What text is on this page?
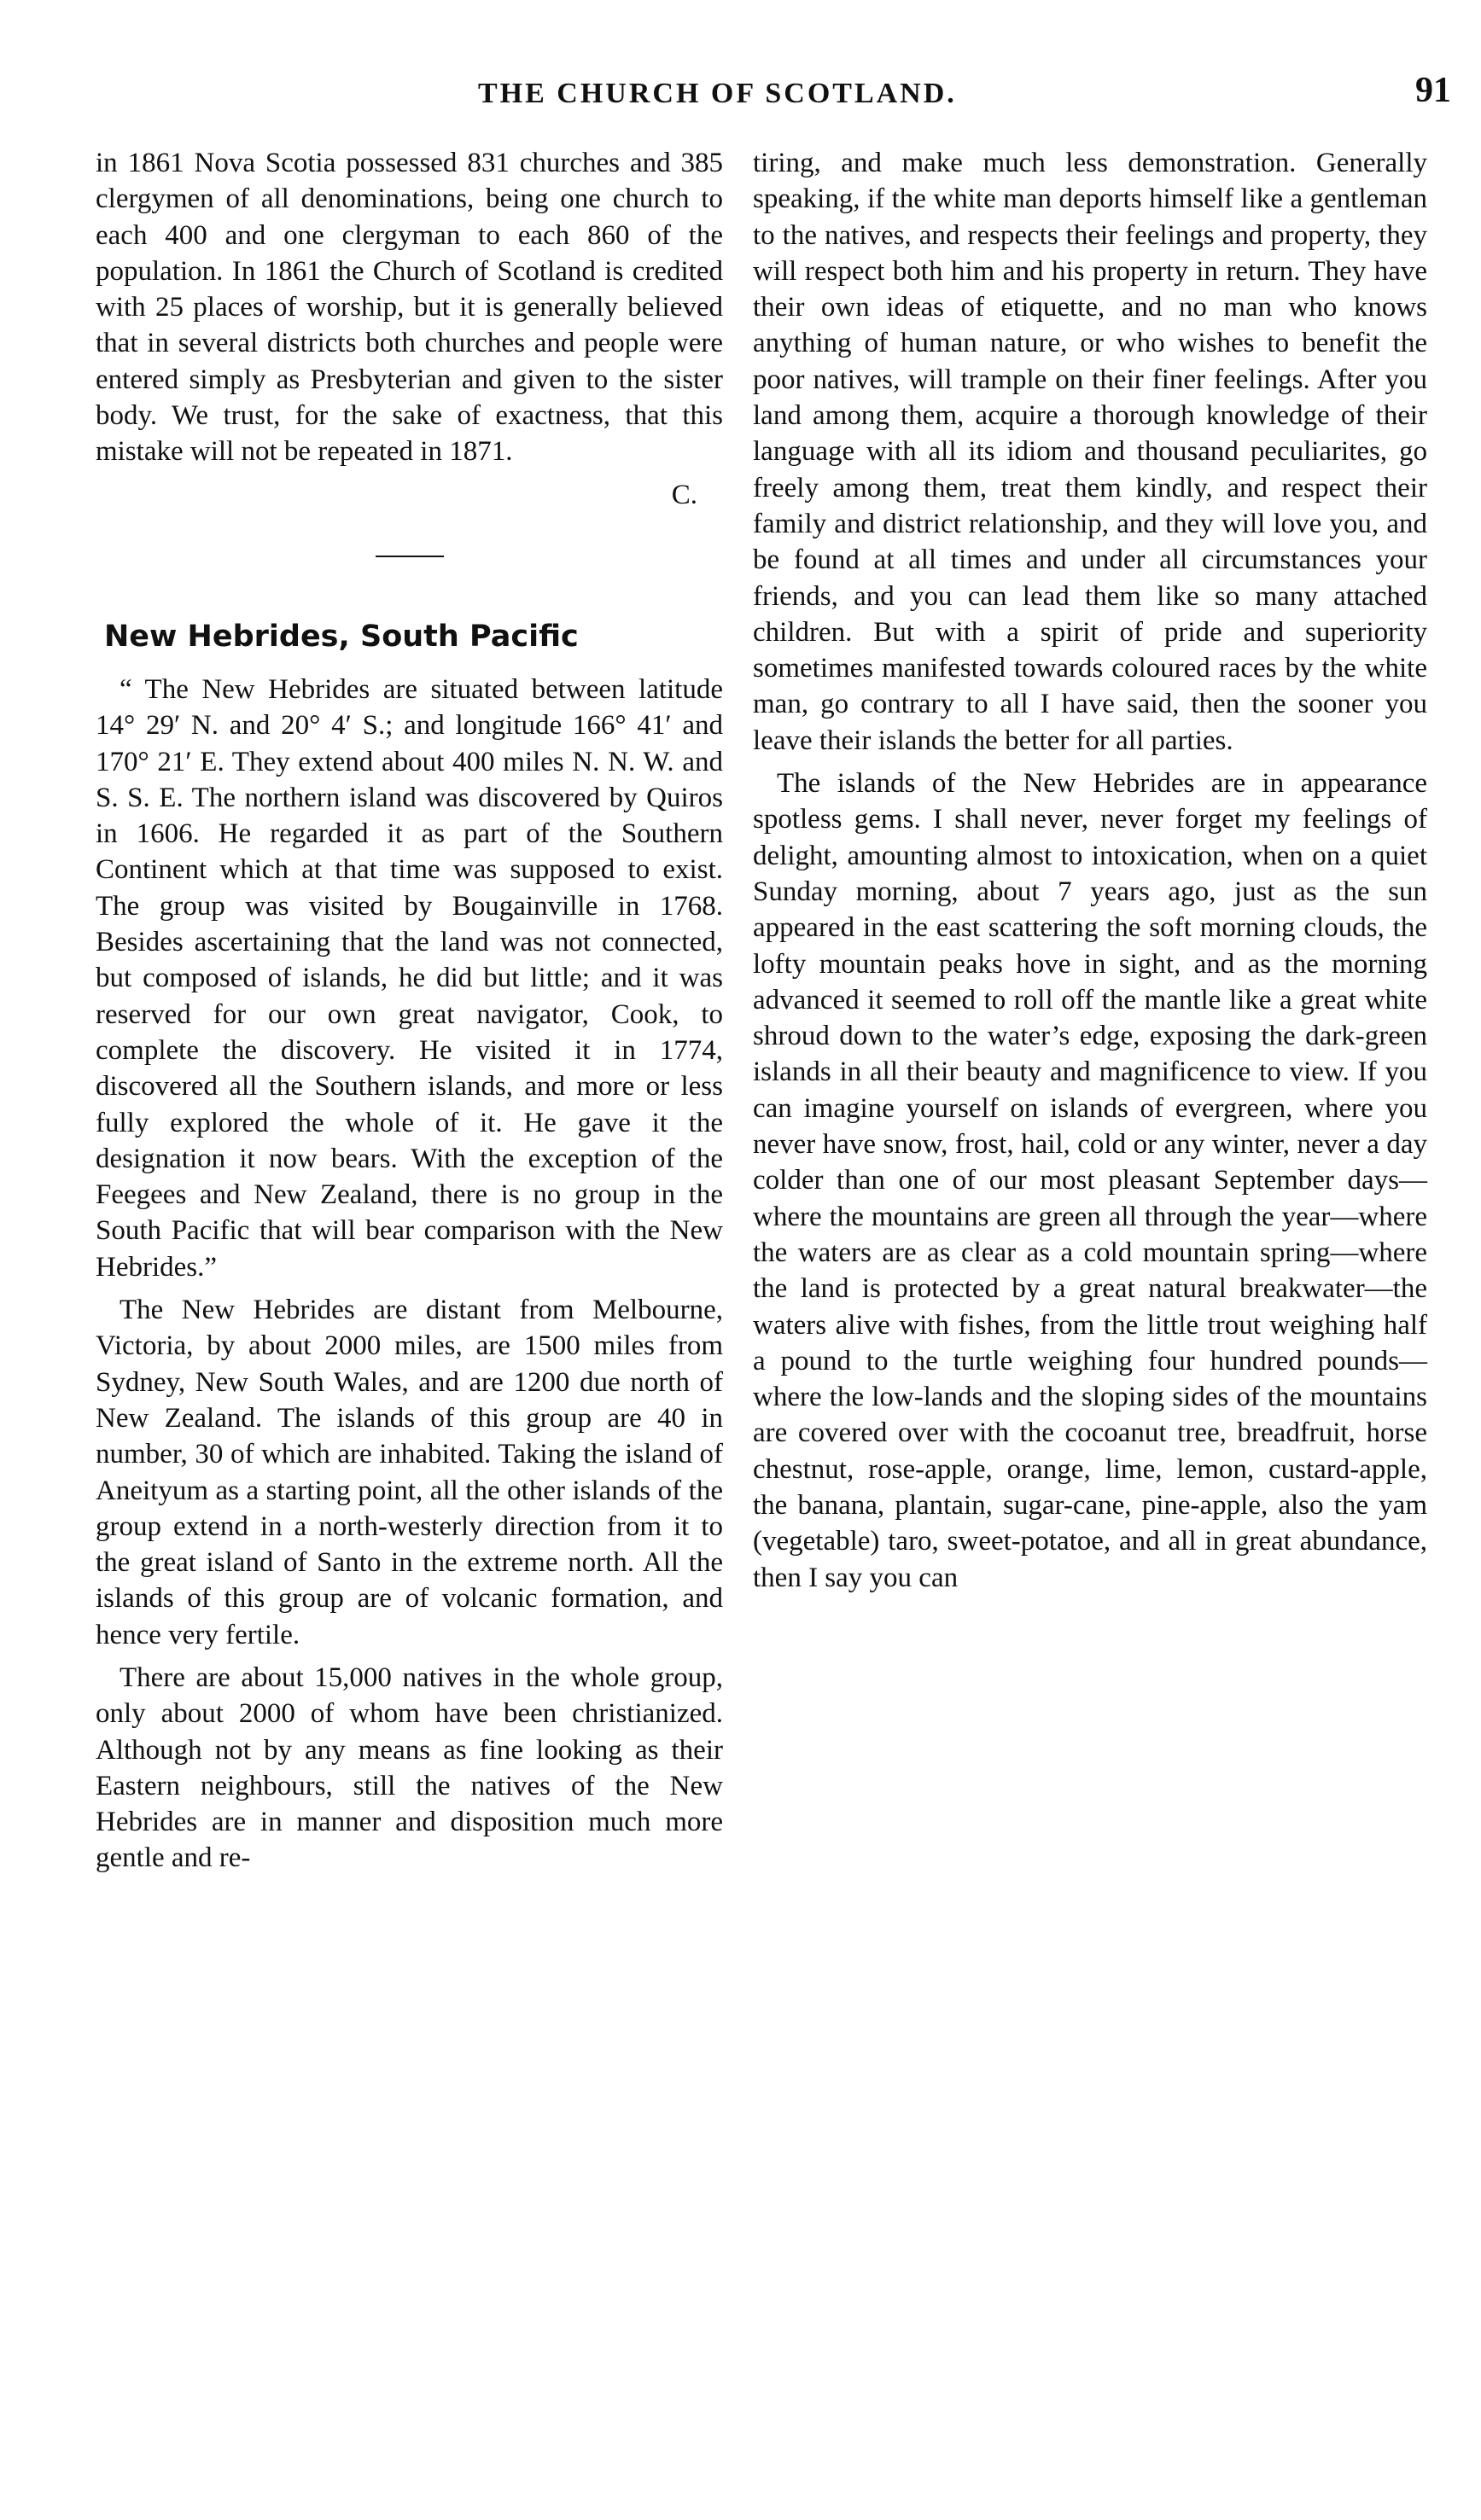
THE CHURCH OF SCOTLAND.	91

in 1861 Nova Scotia possessed 831 churches and 385 clergymen of all denominations, being one church to each 400 and one clergyman to each 860 of the population. In 1861 the Church of Scotland is credited with 25 places of worship, but it is generally believed that in several districts both churches and people were entered simply as Presbyterian and given to the sister body. We trust, for the sake of exactness, that this mistake will not be repeated in 1871.

C.

New Hebrides, South Pacific

“ The New Hebrides are situated between latitude 14° 29′ N. and 20° 4′ S.; and longitude 166° 41′ and 170° 21′ E. They extend about 400 miles N. N. W. and S. S. E. The northern island was discovered by Quiros in 1606. He regarded it as part of the Southern Continent which at that time was supposed to exist. The group was visited by Bougainville in 1768. Besides ascertaining that the land was not connected, but composed of islands, he did but little; and it was reserved for our own great navigator, Cook, to complete the discovery. He visited it in 1774, discovered all the Southern islands, and more or less fully explored the whole of it. He gave it the designation it now bears. With the exception of the Feegees and New Zealand, there is no group in the South Pacific that will bear comparison with the New Hebrides.”

The New Hebrides are distant from Melbourne, Victoria, by about 2000 miles, are 1500 miles from Sydney, New South Wales, and are 1200 due north of New Zealand. The islands of this group are 40 in number, 30 of which are inhabited. Taking the island of Aneityum as a starting point, all the other islands of the group extend in a north-westerly direction from it to the great island of Santo in the extreme north. All the islands of this group are of volcanic formation, and hence very fertile.

There are about 15,000 natives in the whole group, only about 2000 of whom have been christianized. Although not by any means as fine looking as their Eastern neighbours, still the natives of the New Hebrides are in manner and disposition much more gentle and re-

tiring, and make much less demonstration. Generally speaking, if the white man deports himself like a gentleman to the natives, and respects their feelings and property, they will respect both him and his property in return. They have their own ideas of etiquette, and no man who knows anything of human nature, or who wishes to benefit the poor natives, will trample on their finer feelings. After you land among them, acquire a thorough knowledge of their language with all its idiom and thousand peculiarites, go freely among them, treat them kindly, and respect their family and district relationship, and they will love you, and be found at all times and under all circumstances your friends, and you can lead them like so many attached children. But with a spirit of pride and superiority sometimes manifested towards coloured races by the white man, go contrary to all I have said, then the sooner you leave their islands the better for all parties.

The islands of the New Hebrides are in appearance spotless gems. I shall never, never forget my feelings of delight, amounting almost to intoxication, when on a quiet Sunday morning, about 7 years ago, just as the sun appeared in the east scattering the soft morning clouds, the lofty mountain peaks hove in sight, and as the morning advanced it seemed to roll off the mantle like a great white shroud down to the water’s edge, exposing the dark-green islands in all their beauty and magnificence to view. If you can imagine yourself on islands of evergreen, where you never have snow, frost, hail, cold or any winter, never a day colder than one of our most pleasant September days—where the mountains are green all through the year—where the waters are as clear as a cold mountain spring—where the land is protected by a great natural breakwater—the waters alive with fishes, from the little trout weighing half a pound to the turtle weighing four hundred pounds—where the low-lands and the sloping sides of the mountains are covered over with the cocoanut tree, breadfruit, horse chestnut, rose-apple, orange, lime, lemon, custard-apple, the banana, plantain, sugar-cane, pine-apple, also the yam (vegetable) taro, sweet-potatoe, and all in great abundance, then I say you can
